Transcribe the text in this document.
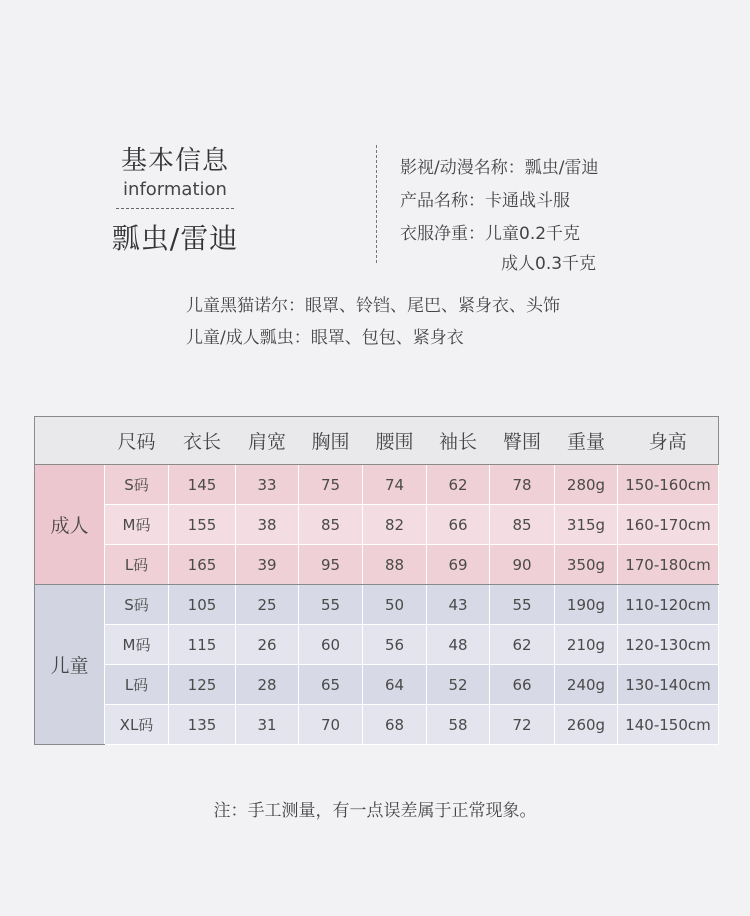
基本信息
information
瓢虫/雷迪
影视/动漫名称：瓢虫/雷迪
产品名称：卡通战斗服
衣服净重：儿童0.2千克
成人0.3千克
儿童黑猫诺尔：眼罩、铃铛、尾巴、紧身衣、头饰
儿童/成人瓢虫：眼罩、包包、紧身衣
	尺码	衣长	肩宽	胸围	腰围	袖长	臀围	重量	身高
成人	S码	145	33	75	74	62	78	280g	150-160cm
	M码	155	38	85	82	66	85	315g	160-170cm
	L码	165	39	95	88	69	90	350g	170-180cm
儿童	S码	105	25	55	50	43	55	190g	110-120cm
	M码	115	26	60	56	48	62	210g	120-130cm
	L码	125	28	65	64	52	66	240g	130-140cm
	XL码	135	31	70	68	58	72	260g	140-150cm
注：手工测量，有一点误差属于正常现象。
